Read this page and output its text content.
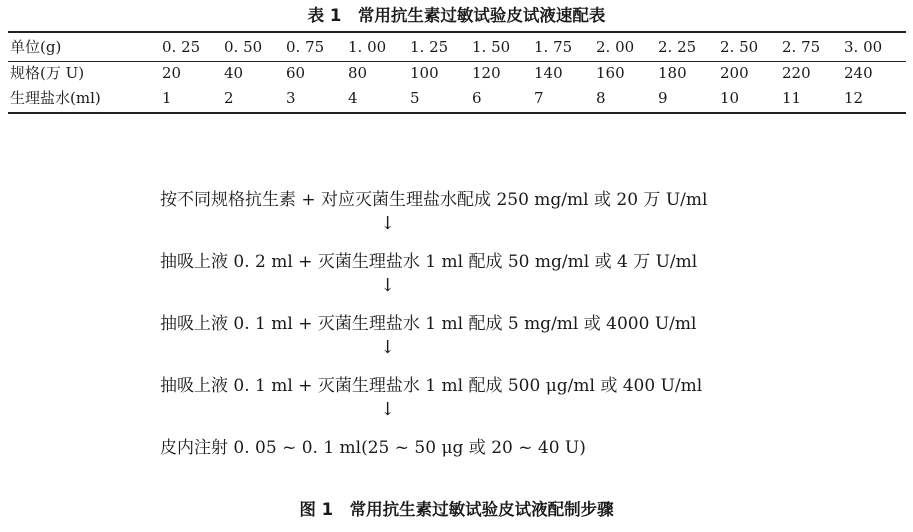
表 1　常用抗生素过敏试验皮试液速配表
单位(g)	0. 25	0. 50	0. 75	1. 00	1. 25	1. 50	1. 75	2. 00	2. 25	2. 50	2. 75	3. 00
规格(万 U)	20	40	60	80	100	120	140	160	180	200	220	240
生理盐水(ml)	1	2	3	4	5	6	7	8	9	10	11	12
按不同规格抗生素 + 对应灭菌生理盐水配成 250 mg/ml 或 20 万 U/ml
↓
抽吸上液 0. 2 ml + 灭菌生理盐水 1 ml 配成 50 mg/ml 或 4 万 U/ml
↓
抽吸上液 0. 1 ml + 灭菌生理盐水 1 ml 配成 5 mg/ml 或 4000 U/ml
↓
抽吸上液 0. 1 ml + 灭菌生理盐水 1 ml 配成 500 μg/ml 或 400 U/ml
↓
皮内注射 0. 05 ~ 0. 1 ml(25 ~ 50 μg 或 20 ~ 40 U)
图 1　常用抗生素过敏试验皮试液配制步骤
